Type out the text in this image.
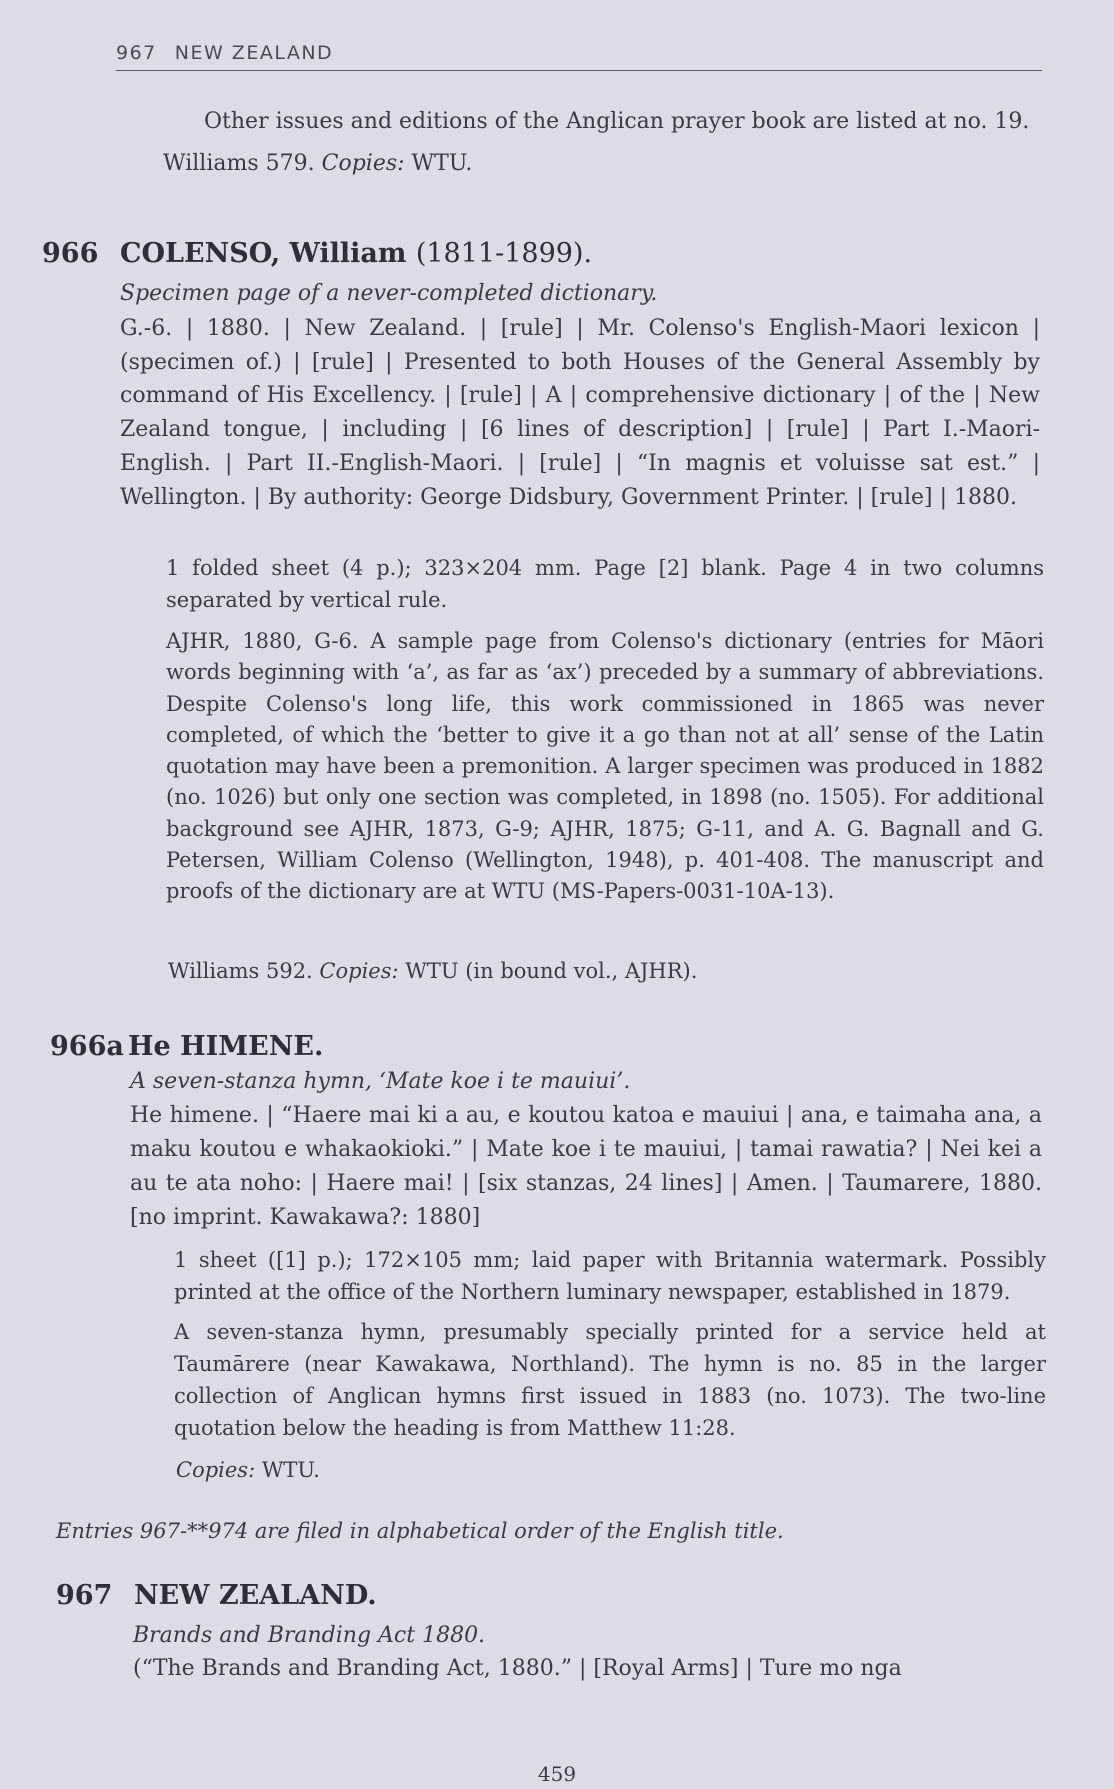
967 NEW ZEALAND
Other issues and editions of the Anglican prayer book are listed at no. 19.
Williams 579. Copies: WTU.
966 COLENSO, William (1811-1899).
Specimen page of a never-completed dictionary.
G.-6. | 1880. | New Zealand. | [rule] | Mr. Colenso's English-Maori lexicon | (specimen of.) | [rule] | Presented to both Houses of the General Assembly by command of His Excellency. | [rule] | A | comprehensive dictionary | of the | New Zealand tongue, | including | [6 lines of description] | [rule] | Part I.-Maori-English. | Part II.-English-Maori. | [rule] | “In magnis et voluisse sat est.” | Wellington. | By authority: George Didsbury, Government Printer. | [rule] | 1880.
1 folded sheet (4 p.); 323×204 mm. Page [2] blank. Page 4 in two columns separated by vertical rule.
AJHR, 1880, G-6. A sample page from Colenso's dictionary (entries for Māori words beginning with ‘a’, as far as ‘ax’) preceded by a summary of abbreviations. Despite Colenso's long life, this work commissioned in 1865 was never completed, of which the ‘better to give it a go than not at all’ sense of the Latin quotation may have been a premonition. A larger specimen was produced in 1882 (no. 1026) but only one section was completed, in 1898 (no. 1505). For additional background see AJHR, 1873, G-9; AJHR, 1875; G-11, and A. G. Bagnall and G. Petersen, William Colenso (Wellington, 1948), p. 401-408. The manuscript and proofs of the dictionary are at WTU (MS-Papers-0031-10A-13).
Williams 592. Copies: WTU (in bound vol., AJHR).
966a He HIMENE.
A seven-stanza hymn, ‘Mate koe i te mauiui’.
He himene. | “Haere mai ki a au, e koutou katoa e mauiui | ana, e taimaha ana, a maku koutou e whakaokioki.” | Mate koe i te mauiui, | tamai rawatia? | Nei kei a au te ata noho: | Haere mai! | [six stanzas, 24 lines] | Amen. | Taumarere, 1880. [no imprint. Kawakawa?: 1880]
1 sheet ([1] p.); 172×105 mm; laid paper with Britannia watermark. Possibly printed at the office of the Northern luminary newspaper, established in 1879.
A seven-stanza hymn, presumably specially printed for a service held at Taumārere (near Kawakawa, Northland). The hymn is no. 85 in the larger collection of Anglican hymns first issued in 1883 (no. 1073). The two-line quotation below the heading is from Matthew 11:28.
Copies: WTU.
Entries 967-**974 are filed in alphabetical order of the English title.
967 NEW ZEALAND.
Brands and Branding Act 1880.
(“The Brands and Branding Act, 1880.” | [Royal Arms] | Ture mo nga
459
